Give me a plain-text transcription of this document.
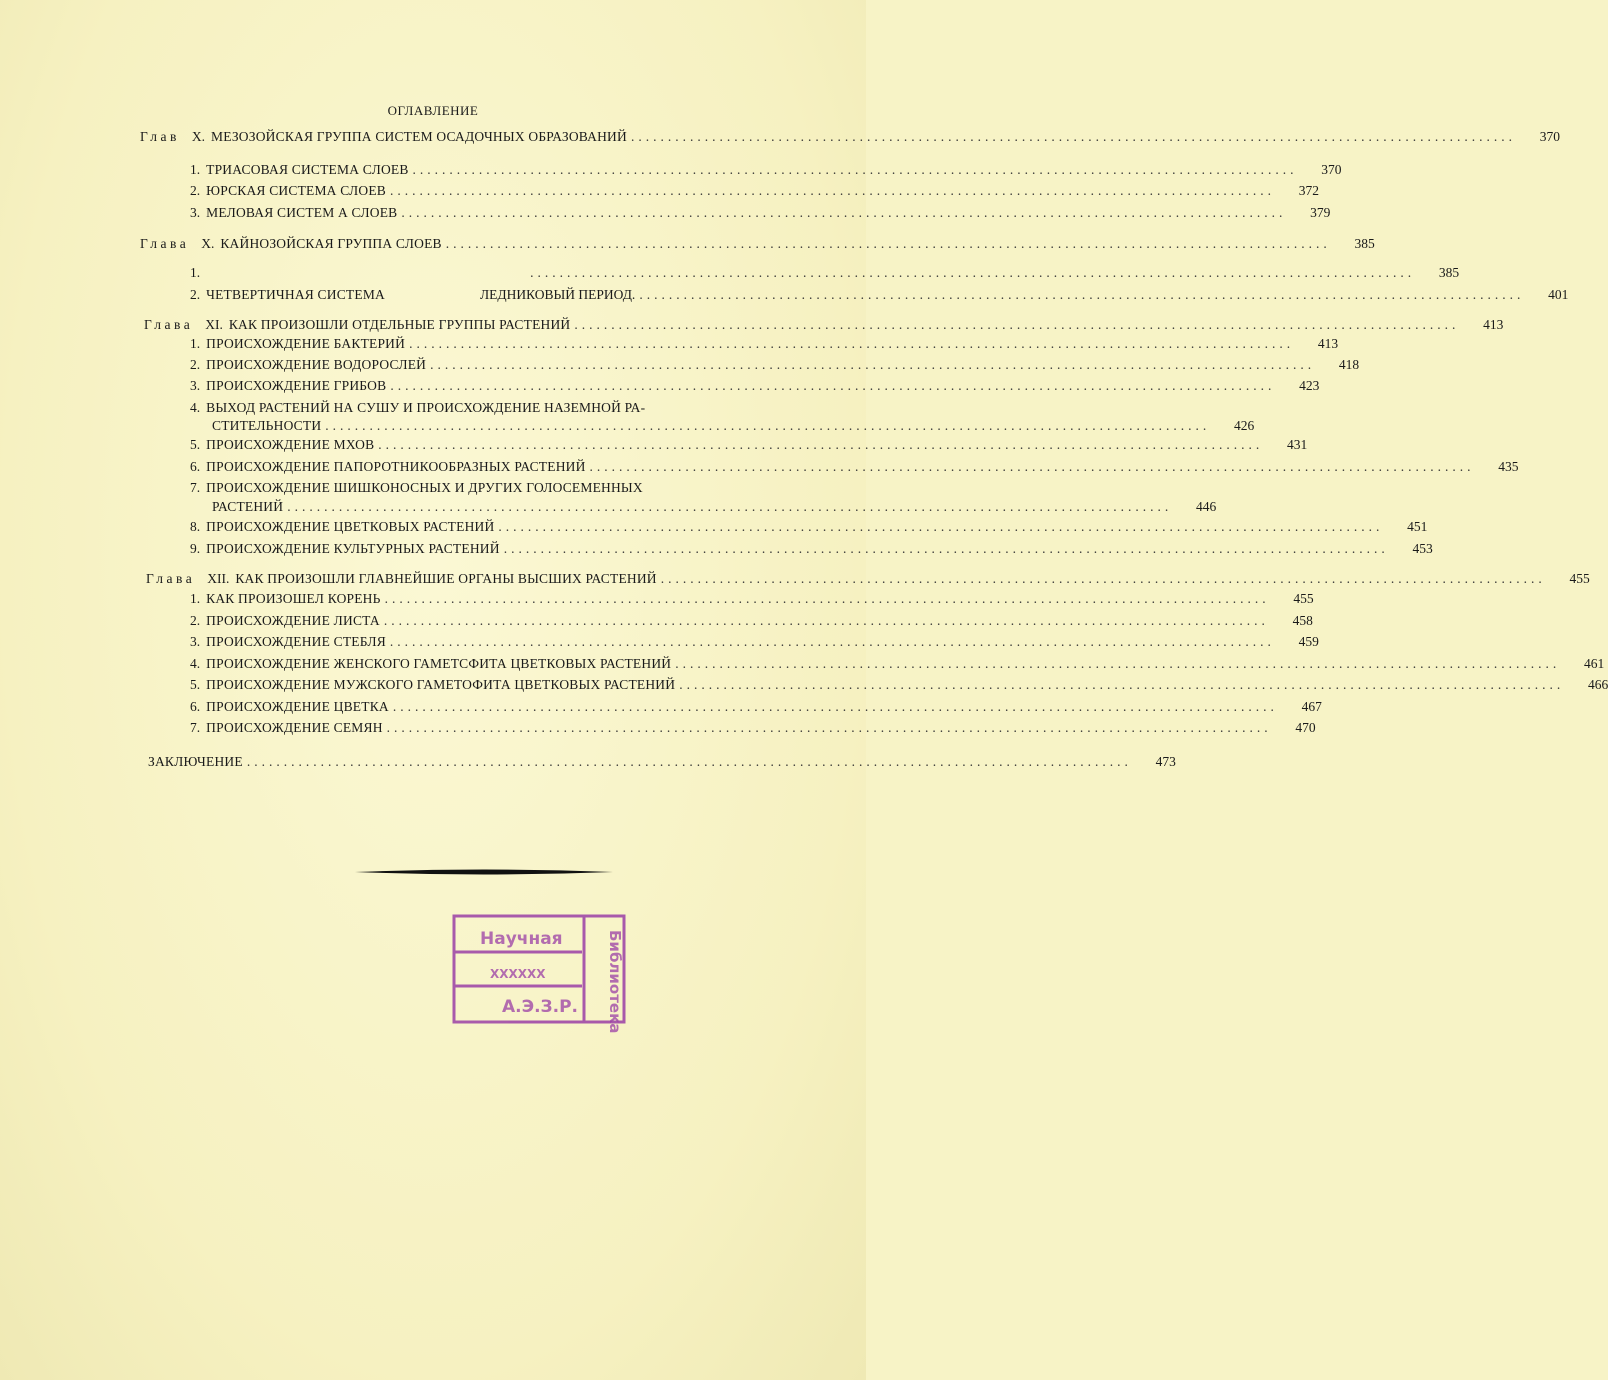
ОГЛАВЛЕНИЕ
Глав X. МЕЗОЗОЙСКАЯ ГРУППА СИСТЕМ ОСАДОЧНЫХ ОБРАЗОВАНИЙ ........................................................................................................................	370
1. ТРИАСОВАЯ СИСТЕМА СЛОЕВ ........................................................................................................................	370
2. ЮРСКАЯ СИСТЕМА СЛОЕВ ........................................................................................................................	372
3. МЕЛОВАЯ СИСТЕМ А СЛОЕВ ........................................................................................................................	379
Глава X. КАЙНОЗОЙСКАЯ ГРУППА СЛОЕВ ........................................................................................................................	385
1.	........................................................................................................................	385
2. ЧЕТВЕРТИЧНАЯ СИСТЕМА	ЛЕДНИКОВЫЙ ПЕРИОД. ........................................................................................................................	401
Глава XI. КАК ПРОИЗОШЛИ ОТДЕЛЬНЫЕ ГРУППЫ РАСТЕНИЙ ........................................................................................................................	413
1. ПРОИСХОЖДЕНИЕ БАКТЕРИЙ ........................................................................................................................	413
2. ПРОИСХОЖДЕНИЕ ВОДОРОСЛЕЙ ........................................................................................................................	418
3. ПРОИСХОЖДЕНИЕ ГРИБОВ ........................................................................................................................	423
4. ВЫХОД РАСТЕНИЙ НА СУШУ И ПРОИСХОЖДЕНИЕ НАЗЕМНОЙ РА-
СТИТЕЛЬНОСТИ ........................................................................................................................	426
5. ПРОИСХОЖДЕНИЕ МХОВ ........................................................................................................................	431
6. ПРОИСХОЖДЕНИЕ ПАПОРОТНИКООБРАЗНЫХ РАСТЕНИЙ ........................................................................................................................	435
7. ПРОИСХОЖДЕНИЕ ШИШКОНОСНЫХ И ДРУГИХ ГОЛОСЕМЕННЫХ
РАСТЕНИЙ ........................................................................................................................	446
8. ПРОИСХОЖДЕНИЕ ЦВЕТКОВЫХ РАСТЕНИЙ ........................................................................................................................	451
9. ПРОИСХОЖДЕНИЕ КУЛЬТУРНЫХ РАСТЕНИЙ ........................................................................................................................	453
Глава XII. КАК ПРОИЗОШЛИ ГЛАВНЕЙШИЕ ОРГАНЫ ВЫСШИХ РАСТЕНИЙ ........................................................................................................................	455
1. КАК ПРОИЗОШЕЛ КОРЕНЬ ........................................................................................................................	455
2. ПРОИСХОЖДЕНИЕ ЛИСТА ........................................................................................................................	458
3. ПРОИСХОЖДЕНИЕ СТЕБЛЯ ........................................................................................................................	459
4. ПРОИСХОЖДЕНИЕ ЖЕНСКОГО ГАМЕТСФИТА ЦВЕТКОВЫХ РАСТЕНИЙ ........................................................................................................................	461
5. ПРОИСХОЖДЕНИЕ МУЖСКОГО ГАМЕТОФИТА ЦВЕТКОВЫХ РАСТЕНИЙ ........................................................................................................................	466
6. ПРОИСХОЖДЕНИЕ ЦВЕТКА ........................................................................................................................	467
7. ПРОИСХОЖДЕНИЕ СЕМЯН ........................................................................................................................	470
ЗАКЛЮЧЕНИЕ ........................................................................................................................	473
Научная
ХХХХХХ
А.Э.З.Р. Библиотека
